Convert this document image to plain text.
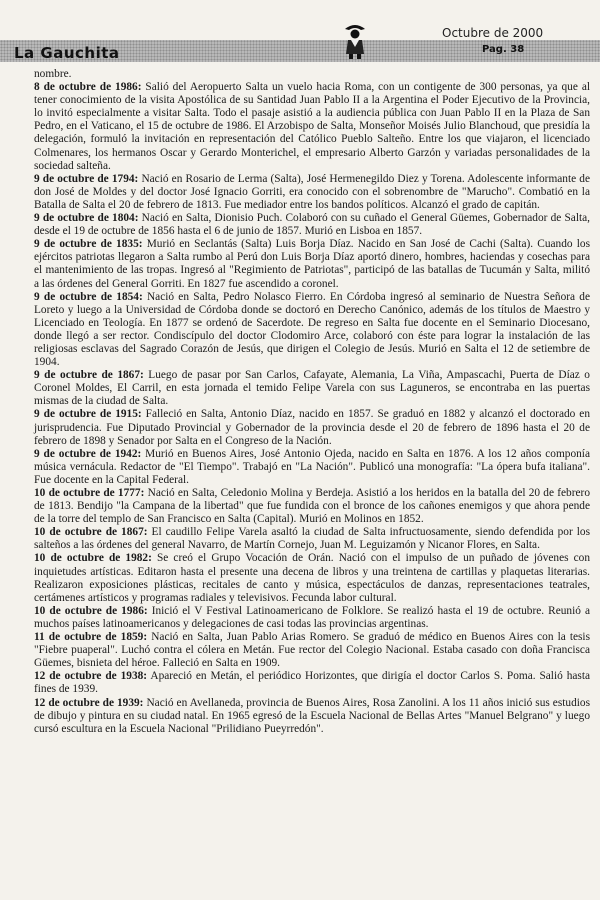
La Gauchita
Octubre de 2000
Pag. 38

nombre.

8 de octubre de 1986: Salió del Aeropuerto Salta un vuelo hacia Roma, con un contigente de 300 personas, ya que al tener conocimiento de la visita Apostólica de su Santidad Juan Pablo II a la Argentina el Poder Ejecutivo de la Provincia, lo invitó especialmente a visitar Salta. Todo el pasaje asistió a la audiencia pública con Juan Pablo II en la Plaza de San Pedro, en el Vaticano, el 15 de octubre de 1986. El Arzobispo de Salta, Monseñor Moisés Julio Blanchoud, que presidía la delegación, formuló la invitación en representación del Católico Pueblo Salteño. Entre los que viajaron, el licenciado Colmenares, los hermanos Oscar y Gerardo Monterichel, el empresario Alberto Garzón y variadas personalidades de la sociedad salteña.

9 de octubre de 1794: Nació en Rosario de Lerma (Salta), José Hermenegildo Diez y Torena. Adolescente informante de don José de Moldes y del doctor José Ignacio Gorriti, era conocido con el sobrenombre de "Marucho". Combatió en la Batalla de Salta el 20 de febrero de 1813. Fue mediador entre los bandos políticos. Alcanzó el grado de capitán.

9 de octubre de 1804: Nació en Salta, Dionisio Puch. Colaboró con su cuñado el General Güemes, Gobernador de Salta, desde el 19 de octubre de 1856 hasta el 6 de junio de 1857. Murió en Lisboa en 1857.

9 de octubre de 1835: Murió en Seclantás (Salta) Luis Borja Díaz. Nacido en San José de Cachi (Salta). Cuando los ejércitos patriotas llegaron a Salta rumbo al Perú don Luis Borja Díaz aportó dinero, hombres, haciendas y cosechas para el mantenimiento de las tropas. Ingresó al "Regimiento de Patriotas", participó de las batallas de Tucumán y Salta, militó a las órdenes del General Gorriti. En 1827 fue ascendido a coronel.

9 de octubre de 1854: Nació en Salta, Pedro Nolasco Fierro. En Córdoba ingresó al seminario de Nuestra Señora de Loreto y luego a la Universidad de Córdoba donde se doctoró en Derecho Canónico, además de los títulos de Maestro y Licenciado en Teología. En 1877 se ordenó de Sacerdote. De regreso en Salta fue docente en el Seminario Diocesano, donde llegó a ser rector. Condiscípulo del doctor Clodomiro Arce, colaboró con éste para lograr la instalación de las religiosas esclavas del Sagrado Corazón de Jesús, que dirigen el Colegio de Jesús. Murió en Salta el 12 de setiembre de 1904.

9 de octubre de 1867: Luego de pasar por San Carlos, Cafayate, Alemania, La Viña, Ampascachi, Puerta de Díaz o Coronel Moldes, El Carril, en esta jornada el temido Felipe Varela con sus Laguneros, se encontraba en las puertas mismas de la ciudad de Salta.

9 de octubre de 1915: Falleció en Salta, Antonio Díaz, nacido en 1857. Se graduó en 1882 y alcanzó el doctorado en jurisprudencia. Fue Diputado Provincial y Gobernador de la provincia desde el 20 de febrero de 1896 hasta el 20 de febrero de 1898 y Senador por Salta en el Congreso de la Nación.

9 de octubre de 1942: Murió en Buenos Aires, José Antonio Ojeda, nacido en Salta en 1876. A los 12 años componía música vernácula. Redactor de "El Tiempo". Trabajó en "La Nación". Publicó una monografía: "La ópera bufa italiana". Fue docente en la Capital Federal.

10 de octubre de 1777: Nació en Salta, Celedonio Molina y Berdeja. Asistió a los heridos en la batalla del 20 de febrero de 1813. Bendijo "la Campana de la libertad" que fue fundida con el bronce de los cañones enemigos y que ahora pende de la torre del templo de San Francisco en Salta (Capital). Murió en Molinos en 1852.

10 de octubre de 1867: El caudillo Felipe Varela asaltó la ciudad de Salta infructuosamente, siendo defendida por los salteños a las órdenes del general Navarro, de Martín Cornejo, Juan M. Leguizamón y Nicanor Flores, en Salta.

10 de octubre de 1982: Se creó el Grupo Vocación de Orán. Nació con el impulso de un puñado de jóvenes con inquietudes artísticas. Editaron hasta el presente una decena de libros y una treintena de cartillas y plaquetas literarias. Realizaron exposiciones plásticas, recitales de canto y música, espectáculos de danzas, representaciones teatrales, certámenes artísticos y programas radiales y televisivos. Fecunda labor cultural.

10 de octubre de 1986: Inició el V Festival Latinoamericano de Folklore. Se realizó hasta el 19 de octubre. Reunió a muchos países latinoamericanos y delegaciones de casi todas las provincias argentinas.

11 de octubre de 1859: Nació en Salta, Juan Pablo Arias Romero. Se graduó de médico en Buenos Aires con la tesis "Fiebre puaperal". Luchó contra el cólera en Metán. Fue rector del Colegio Nacional. Estaba casado con doña Francisca Güemes, bisnieta del héroe. Falleció en Salta en 1909.

12 de octubre de 1938: Apareció en Metán, el periódico Horizontes, que dirigía el doctor Carlos S. Poma. Salió hasta fines de 1939.

12 de octubre de 1939: Nació en Avellaneda, provincia de Buenos Aires, Rosa Zanolini. A los 11 años inició sus estudios de dibujo y pintura en su ciudad natal. En 1965 egresó de la Escuela Nacional de Bellas Artes "Manuel Belgrano" y luego cursó escultura en la Escuela Nacional "Prilidiano Pueyrredón".
